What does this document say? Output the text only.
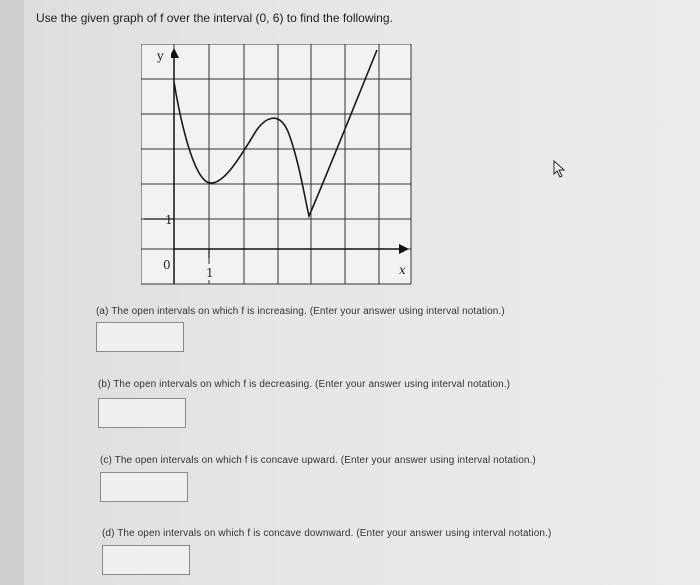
Use the given graph of f over the interval (0, 6) to find the following.
y
x
0
1
1
(a) The open intervals on which f is increasing. (Enter your answer using interval notation.)
(b) The open intervals on which f is decreasing. (Enter your answer using interval notation.)
(c) The open intervals on which f is concave upward. (Enter your answer using interval notation.)
(d) The open intervals on which f is concave downward. (Enter your answer using interval notation.)
